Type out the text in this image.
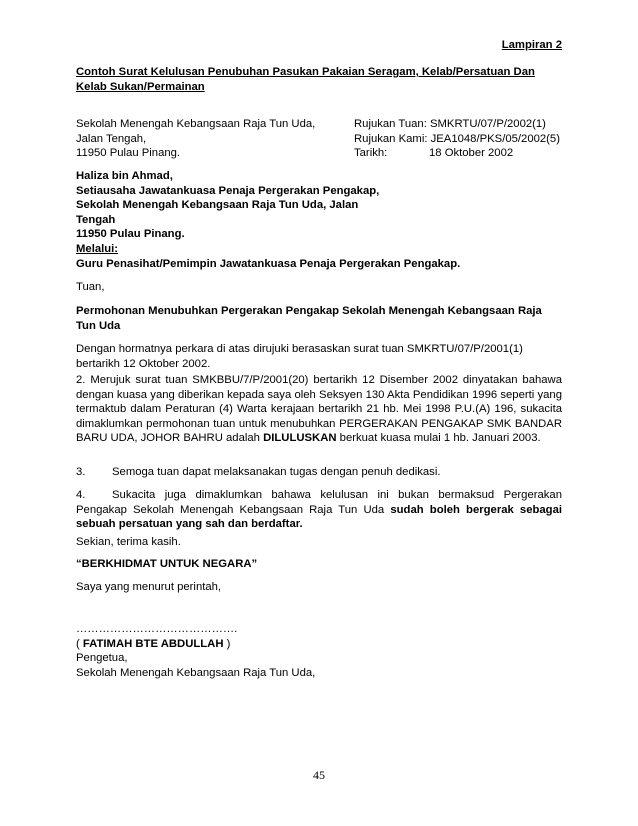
Lampiran 2

Contoh Surat Kelulusan Penubuhan Pasukan Pakaian Seragam, Kelab/Persatuan Dan Kelab Sukan/Permainan

Sekolah Menengah Kebangsaan Raja Tun Uda,	Rujukan Tuan: SMKRTU/07/P/2002(1)
Jalan Tengah,	Rujukan Kami: JEA1048/PKS/05/2002(5)
11950 Pulau Pinang.	Tarikh:	18 Oktober 2002

Haliza bin Ahmad,

Setiausaha Jawatankuasa Penaja Pergerakan Pengakap,

Sekolah Menengah Kebangsaan Raja Tun Uda, Jalan

Tengah

11950 Pulau Pinang.

Melalui:

Guru Penasihat/Pemimpin Jawatankuasa Penaja Pergerakan Pengakap.

Tuan,

Permohonan Menubuhkan Pergerakan Pengakap Sekolah Menengah Kebangsaan Raja Tun Uda

Dengan hormatnya perkara di atas dirujuki berasaskan surat tuan SMKRTU/07/P/2001(1) bertarikh 12 Oktober 2002.

2. Merujuk surat tuan SMKBBU/7/P/2001(20) bertarikh 12 Disember 2002 dinyatakan bahawa dengan kuasa yang diberikan kepada saya oleh Seksyen 130 Akta Pendidikan 1996 seperti yang termaktub dalam Peraturan (4) Warta kerajaan bertarikh 21 hb. Mei 1998 P.U.(A) 196, sukacita dimaklumkan permohonan tuan untuk menubuhkan PERGERAKAN PENGAKAP SMK BANDAR BARU UDA, JOHOR BAHRU adalah DILULUSKAN berkuat kuasa mulai 1 hb. Januari 2003.

3. Semoga tuan dapat melaksanakan tugas dengan penuh dedikasi.

4. Sukacita juga dimaklumkan bahawa kelulusan ini bukan bermaksud Pergerakan Pengakap Sekolah Menengah Kebangsaan Raja Tun Uda sudah boleh bergerak sebagai sebuah persatuan yang sah dan berdaftar.

Sekian, terima kasih.

“BERKHIDMAT UNTUK NEGARA”

Saya yang menurut perintah,

…………………………………….

( FATIMAH BTE ABDULLAH )

Pengetua,

Sekolah Menengah Kebangsaan Raja Tun Uda,

45
